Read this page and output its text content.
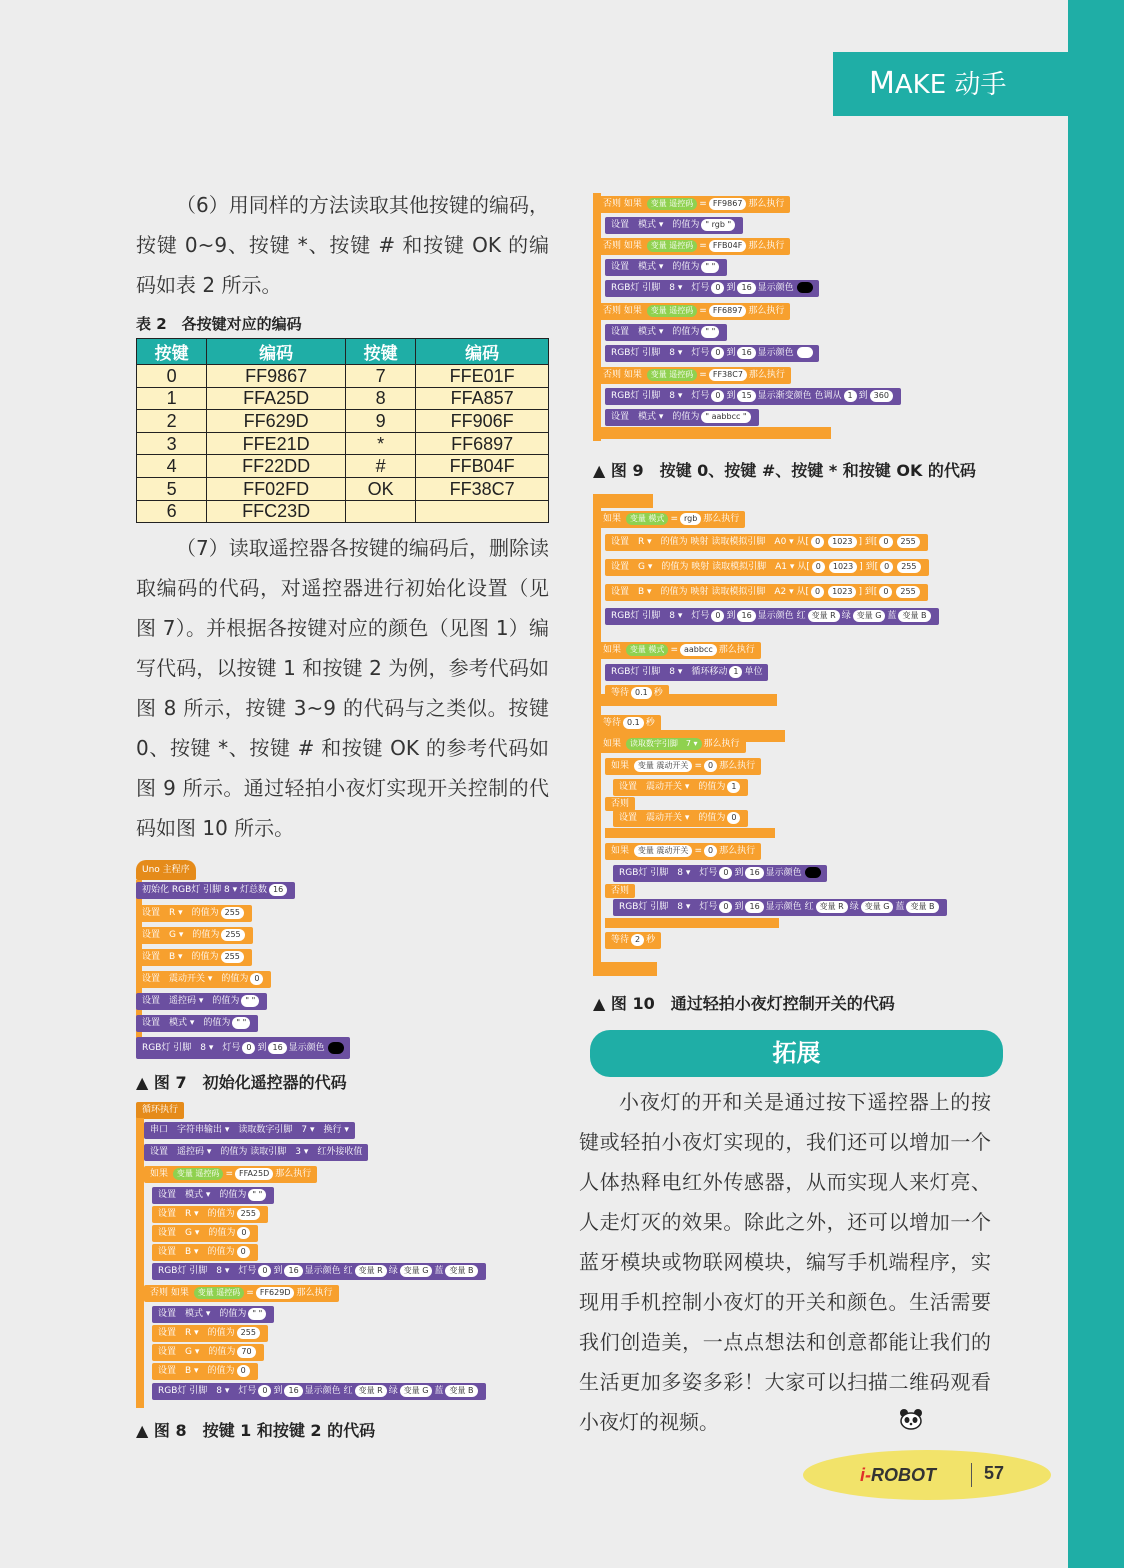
MAKE 动手

（6）用同样的方法读取其他按键的编码，按键 0~9、按键 *、按键 # 和按键 OK 的编码如表 2 所示。

表 2　各按键对应的编码
按键	编码	按键	编码
0	FF9867	7	FFE01F
1	FFA25D	8	FFA857
2	FF629D	9	FF906F
3	FFE21D	*	FF6897
4	FF22DD	#	FFB04F
5	FF02FD	OK	FF38C7
6	FFC23D		

（7）读取遥控器各按键的编码后，删除读取编码的代码，对遥控器进行初始化设置（见图 7）。并根据各按键对应的颜色（见图 1）编写代码，以按键 1 和按键 2 为例，参考代码如图 8 所示，按键 3~9 的代码与之类似。按键 0、按键 *、按键 # 和按键 OK 的参考代码如图 9 所示。通过轻拍小夜灯实现开关控制的代码如图 10 所示。

Uno 主程序
初始化 RGB灯 引脚 8 ▾ 灯总数 16
设置　R ▾　的值为 255
设置　G ▾　的值为 255
设置　B ▾　的值为 255
设置　震动开关 ▾　的值为 0
设置　遥控码 ▾　的值为 " "
设置　模式 ▾　的值为 " "
RGB灯 引脚　8 ▾　灯号 0 到 16 显示颜色
▲ 图 7　初始化遥控器的代码
循环执行
串口　字符串输出 ▾　 读取数字引脚　7 ▾　 换行 ▾
设置　遥控码 ▾　的值为 读取引脚　3 ▾　红外接收值
如果 变量 遥控码 = FFA25D 那么执行
设置　模式 ▾　的值为 " "
设置　R ▾　的值为 255
设置　G ▾　的值为 0
设置　B ▾　的值为 0
RGB灯 引脚　8 ▾　灯号 0 到 16 显示颜色 红 变量 R 绿 变量 G 蓝 变量 B
否则 如果 变量 遥控码 = FF629D 那么执行
设置　模式 ▾　的值为 " "
设置　R ▾　的值为 255
设置　G ▾　的值为 70
设置　B ▾　的值为 0
RGB灯 引脚　8 ▾　灯号 0 到 16 显示颜色 红 变量 R 绿 变量 G 蓝 变量 B
▲ 图 8　按键 1 和按键 2 的代码
否则 如果 变量 遥控码 = FF9867 那么执行
设置　模式 ▾　的值为 " rgb "
否则 如果 变量 遥控码 = FFB04F 那么执行
设置　模式 ▾　的值为 " "
RGB灯 引脚　8 ▾　灯号 0 到 16 显示颜色
否则 如果 变量 遥控码 = FF6897 那么执行
设置　模式 ▾　的值为 " "
RGB灯 引脚　8 ▾　灯号 0 到 16 显示颜色
否则 如果 变量 遥控码 = FF38C7 那么执行
RGB灯 引脚　8 ▾　灯号 0 到 15 显示渐变颜色 色调从 1 到 360
设置　模式 ▾　的值为 " aabbcc "
▲ 图 9　按键 0、按键 #、按键 * 和按键 OK 的代码
如果 变量 模式 = rgb 那么执行
设置　R ▾　的值为 映射 读取模拟引脚　A0 ▾ 从[ 0 1023 ] 到[ 0 255
设置　G ▾　的值为 映射 读取模拟引脚　A1 ▾ 从[ 0 1023 ] 到[ 0 255
设置　B ▾　的值为 映射 读取模拟引脚　A2 ▾ 从[ 0 1023 ] 到[ 0 255
RGB灯 引脚　8 ▾　灯号 0 到 16 显示颜色 红 变量 R 绿 变量 G 蓝 变量 B
如果 变量 模式 = aabbcc 那么执行
RGB灯 引脚　8 ▾　循环移动 1 单位
等待 0.1 秒
等待 0.1 秒
如果 读取数字引脚　7 ▾ 那么执行
如果 变量 震动开关 = 0 那么执行
设置　震动开关 ▾　的值为 1
否则
设置　震动开关 ▾　的值为 0
如果 变量 震动开关 = 0 那么执行
RGB灯 引脚　8 ▾　灯号 0 到 16 显示颜色
否则
RGB灯 引脚　8 ▾　灯号 0 到 16 显示颜色 红 变量 R 绿 变量 G 蓝 变量 B
等待 2 秒
▲ 图 10　通过轻拍小夜灯控制开关的代码
拓展

小夜灯的开和关是通过按下遥控器上的按键或轻拍小夜灯实现的，我们还可以增加一个人体热释电红外传感器，从而实现人来灯亮、人走灯灭的效果。除此之外，还可以增加一个蓝牙模块或物联网模块，编写手机端程序，实现用手机控制小夜灯的开关和颜色。生活需要我们创造美，一点点想法和创意都能让我们的生活更加多姿多彩！大家可以扫描二维码观看小夜灯的视频。

i-ROBOT	57
